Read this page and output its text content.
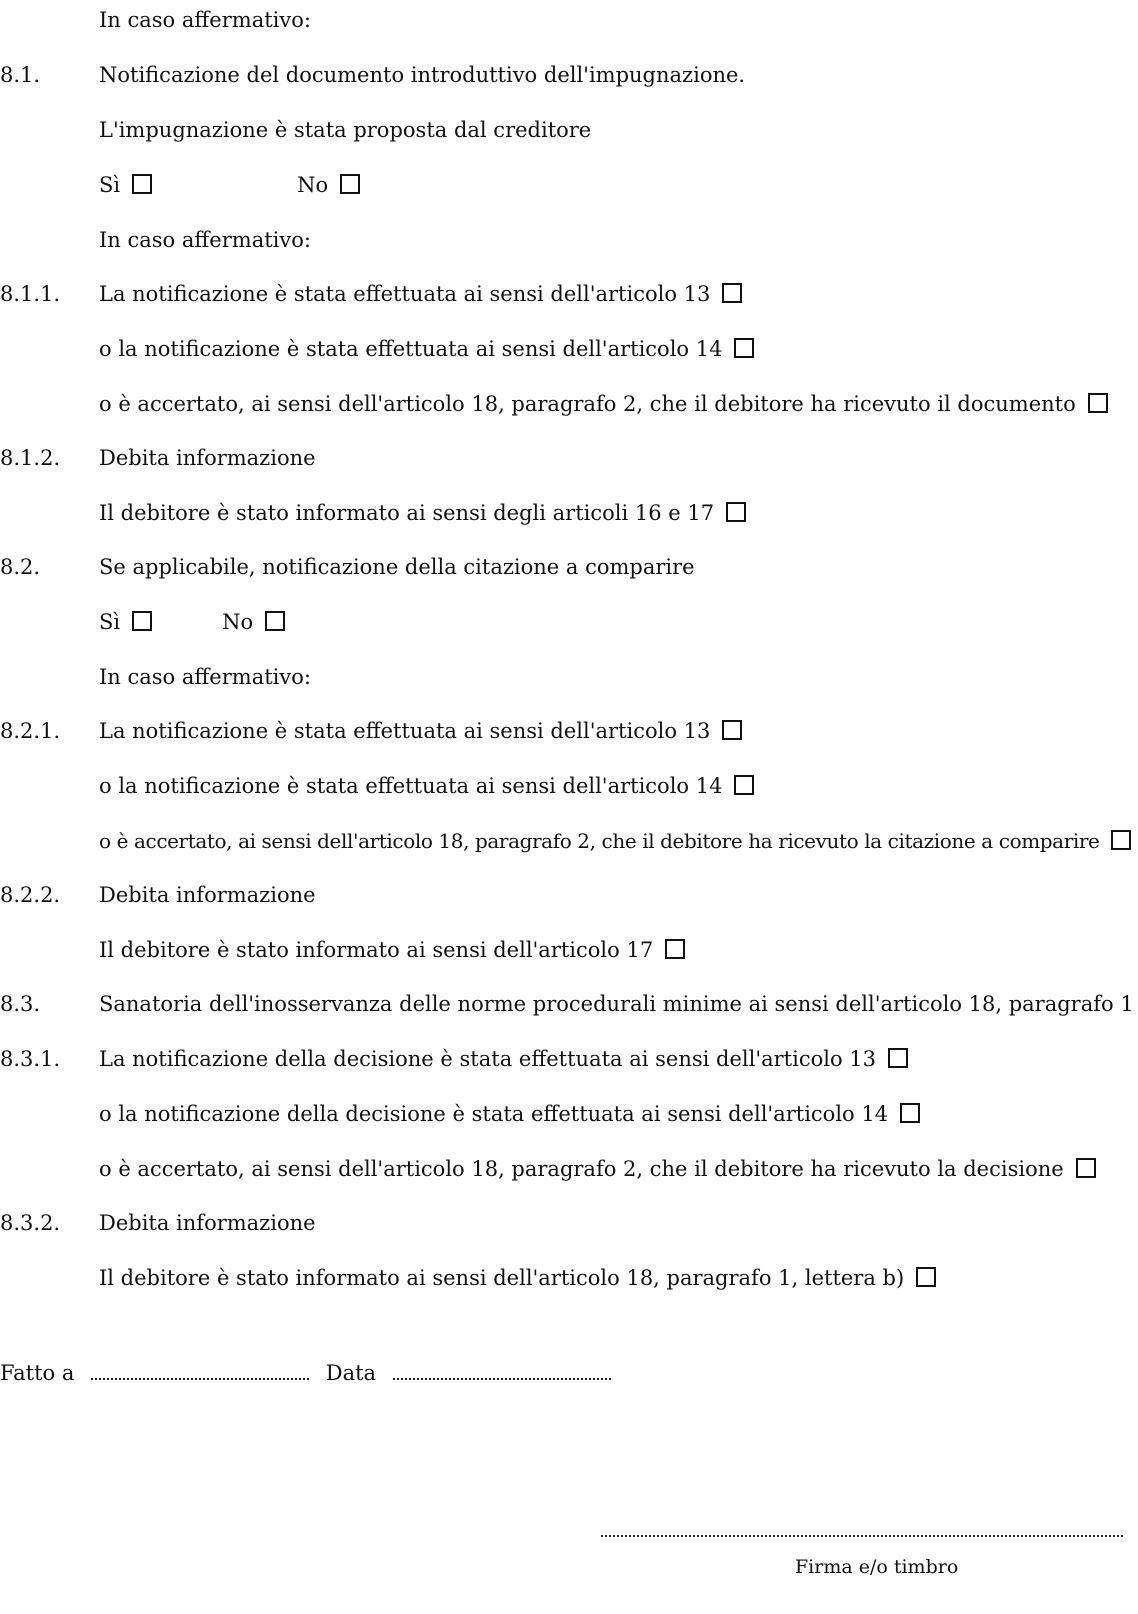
In caso affermativo:
8.1.	Notificazione del documento introduttivo dell'impugnazione.
L'impugnazione è stata proposta dal creditore
Sì	No
In caso affermativo:
8.1.1. La notificazione è stata effettuata ai sensi dell'articolo 13
o la notificazione è stata effettuata ai sensi dell'articolo 14
o è accertato, ai sensi dell'articolo 18, paragrafo 2, che il debitore ha ricevuto il documento
8.1.2. Debita informazione
Il debitore è stato informato ai sensi degli articoli 16 e 17
8.2.	Se applicabile, notificazione della citazione a comparire
Sì	No
In caso affermativo:
8.2.1. La notificazione è stata effettuata ai sensi dell'articolo 13
o la notificazione è stata effettuata ai sensi dell'articolo 14
o è accertato, ai sensi dell'articolo 18, paragrafo 2, che il debitore ha ricevuto la citazione a comparire
8.2.2. Debita informazione
Il debitore è stato informato ai sensi dell'articolo 17
8.3.	Sanatoria dell'inosservanza delle norme procedurali minime ai sensi dell'articolo 18, paragrafo 1
8.3.1. La notificazione della decisione è stata effettuata ai sensi dell'articolo 13
o la notificazione della decisione è stata effettuata ai sensi dell'articolo 14
o è accertato, ai sensi dell'articolo 18, paragrafo 2, che il debitore ha ricevuto la decisione
8.3.2. Debita informazione
Il debitore è stato informato ai sensi dell'articolo 18, paragrafo 1, lettera b)
Fatto a	Data
Firma e/o timbro
